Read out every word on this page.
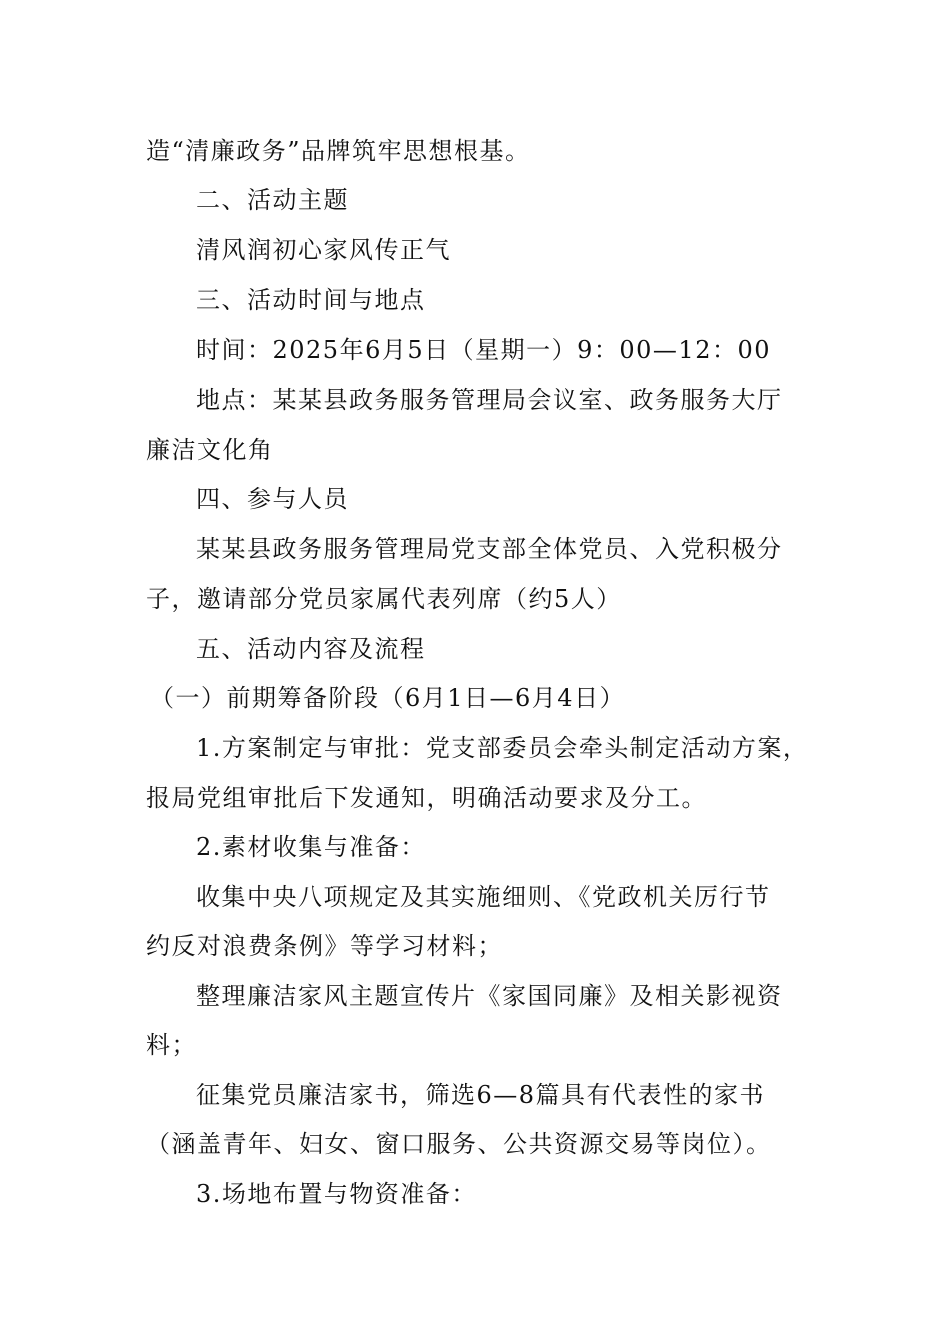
造“清廉政务”品牌筑牢思想根基。
二、活动主题
清风润初心家风传正气
三、活动时间与地点
时间：2025年6月5日（星期一）9：00—12：00
地点：某某县政务服务管理局会议室、政务服务大厅
廉洁文化角
四、参与人员
某某县政务服务管理局党支部全体党员、入党积极分
子，邀请部分党员家属代表列席（约5人）
五、活动内容及流程
（一）前期筹备阶段（6月1日—6月4日）
1.方案制定与审批：党支部委员会牵头制定活动方案，
报局党组审批后下发通知，明确活动要求及分工。
2.素材收集与准备：
收集中央八项规定及其实施细则、《党政机关厉行节
约反对浪费条例》等学习材料；
整理廉洁家风主题宣传片《家国同廉》及相关影视资
料；
征集党员廉洁家书，筛选6—8篇具有代表性的家书
（涵盖青年、妇女、窗口服务、公共资源交易等岗位）。
3.场地布置与物资准备：
